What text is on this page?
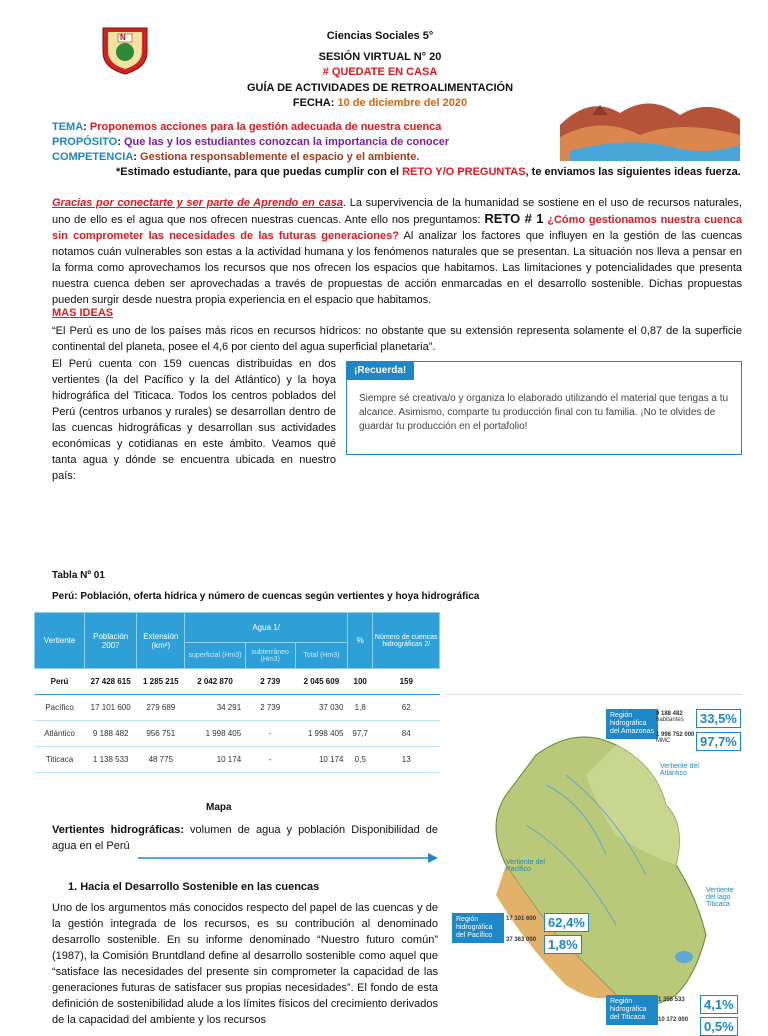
N	Ciencias Sociales 5°
SESIÓN VIRTUAL N° 20
# QUEDATE EN CASA
GUÍA DE ACTIVIDADES DE RETROALIMENTACIÓN
FECHA: 10 de diciembre del 2020
TEMA: Proponemos acciones para la gestión adecuada de nuestra cuenca
PROPÓSITO: Que las y los estudiantes conozcan la importancia de conocer
COMPETENCIA: Gestiona responsablemente el espacio y el ambiente.
*Estimado estudiante, para que puedas cumplir con el RETO Y/O PREGUNTAS, te enviamos las siguientes ideas fuerza.
Gracias por conectarte y ser parte de Aprendo en casa. La supervivencia de la humanidad se sostiene en el uso de recursos naturales, uno de ello es el agua que nos ofrecen nuestras cuencas. Ante ello nos preguntamos: RETO # 1 ¿Cómo gestionamos nuestra cuenca sin comprometer las necesidades de las futuras generaciones? Al analizar los factores que influyen en la gestión de las cuencas notamos cuán vulnerables son estas a la actividad humana y los fenómenos naturales que se presentan. La situación nos lleva a pensar en la forma como aprovechamos los recursos que nos ofrecen los espacios que habitamos. Las limitaciones y potencialidades que presenta nuestra cuenca deben ser aprovechadas a través de propuestas de acción enmarcadas en el desarrollo sostenible. Dichas propuestas pueden surgir desde nuestra propia experiencia en el espacio que habitamos.
MAS IDEAS
“El Perú es uno de los países más ricos en recursos hídricos: no obstante que su extensión representa solamente el 0,87 de la superficie continental del planeta, posee el 4,6 por ciento del agua superficial planetaria”.
El Perú cuenta con 159 cuencas distribuidas en dos vertientes (la del Pacífico y la del Atlántico) y la hoya hidrográfica del Titicaca. Todos los centros poblados del Perú (centros urbanos y rurales) se desarrollan dentro de las cuencas hidrográficas y desarrollan sus actividades económicas y cotidianas en este ámbito. Veamos qué tanta agua y dónde se encuentra ubicada en nuestro país:
¡Recuerda!
Siempre sé creativa/o y organiza lo elaborado utilizando el material que tengas a tu alcance. Asimismo, comparte tu producción final con tu familia. ¡No te olvides de guardar tu producción en el portafolio!
Tabla Nº 01
Perú: Población, oferta hídrica y número de cuencas según vertientes y hoya hidrográfica
Vertiente	Población 2007	Extensión (km²)	Agua 1/			%	Número de cuencas hidrográficas 2/
			superficial (Hm3)	subterráneo (Hm3)	Total (Hm3)		
Perú	27 428 615	1 285 215	2 042 870	2 739	2 045 609	100	159
Pacífico	17 101 600	279 689	34 291	2 739	37 030	1,8	62
Atlántico	9 188 482	956 751	1 998 405	-	1 998 405	97,7	84
Titicaca	1 138 533	48 775	10 174	-	10 174	0,5	13
Mapa
Vertientes hidrográficas: volumen de agua y población Disponibilidad de agua en el Perú
1. Hacia el Desarrollo Sostenible en las cuencas
Uno de los argumentos más conocidos respecto del papel de las cuencas y de la gestión integrada de los recursos, es su contribución al denominado desarrollo sostenible. En su informe denominado “Nuestro futuro común” (1987), la Comisión Bruntdland define al desarrollo sostenible como aquel que “satisface las necesidades del presente sin comprometer la capacidad de las generaciones futuras de satisfacer sus propias necesidades”. El fondo de esta definición de sostenibilidad alude a los límites físicos del crecimiento derivados de la capacidad del ambiente y los recursos
Región hidrográfica del Amazonas
9 188 482
habitantes
1 998 752 000
MMC
33,5%
97,7%
Vertiente del Atlántico
Vertiente del Pacífico
Vertiente del lago Titicaca
Región hidrográfica del Pacífico
17 101 600
37 363 000
62,4%
1,8%
Región hidrográfica del Titicaca
1 358 533
10 172 000
4,1%
0,5%
